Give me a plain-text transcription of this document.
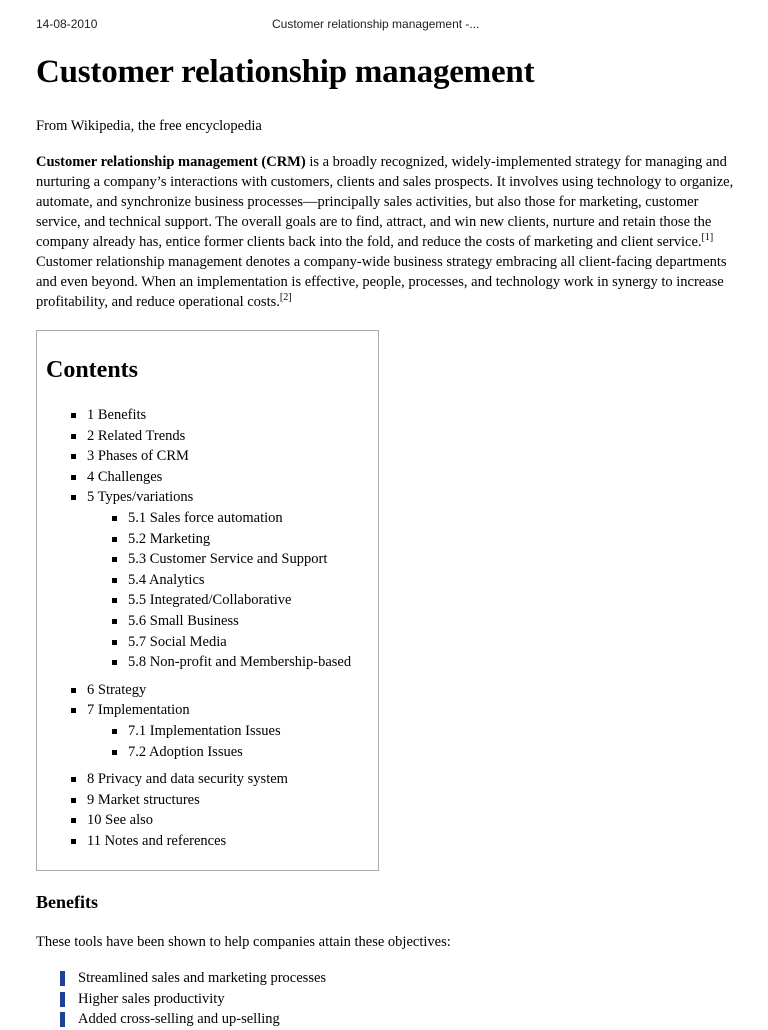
14-08-2010	Customer relationship management -...
Customer relationship management

From Wikipedia, the free encyclopedia

Customer relationship management (CRM) is a broadly recognized, widely-implemented strategy for managing and nurturing a company’s interactions with customers, clients and sales prospects. It involves using technology to organize, automate, and synchronize business processes—principally sales activities, but also those for marketing, customer service, and technical support. The overall goals are to find, attract, and win new clients, nurture and retain those the company already has, entice former clients back into the fold, and reduce the costs of marketing and client service.[1] Customer relationship management denotes a company-wide business strategy embracing all client-facing departments and even beyond. When an implementation is effective, people, processes, and technology work in synergy to increase profitability, and reduce operational costs.[2]

Contents
1 Benefits
2 Related Trends
3 Phases of CRM
4 Challenges
5 Types/variations
5.1 Sales force automation
5.2 Marketing
5.3 Customer Service and Support
5.4 Analytics
5.5 Integrated/Collaborative
5.6 Small Business
5.7 Social Media
5.8 Non-profit and Membership-based
6 Strategy
7 Implementation
7.1 Implementation Issues
7.2 Adoption Issues
8 Privacy and data security system
9 Market structures
10 See also
11 Notes and references
Benefits

These tools have been shown to help companies attain these objectives:

Streamlined sales and marketing processes
Higher sales productivity
Added cross-selling and up-selling
